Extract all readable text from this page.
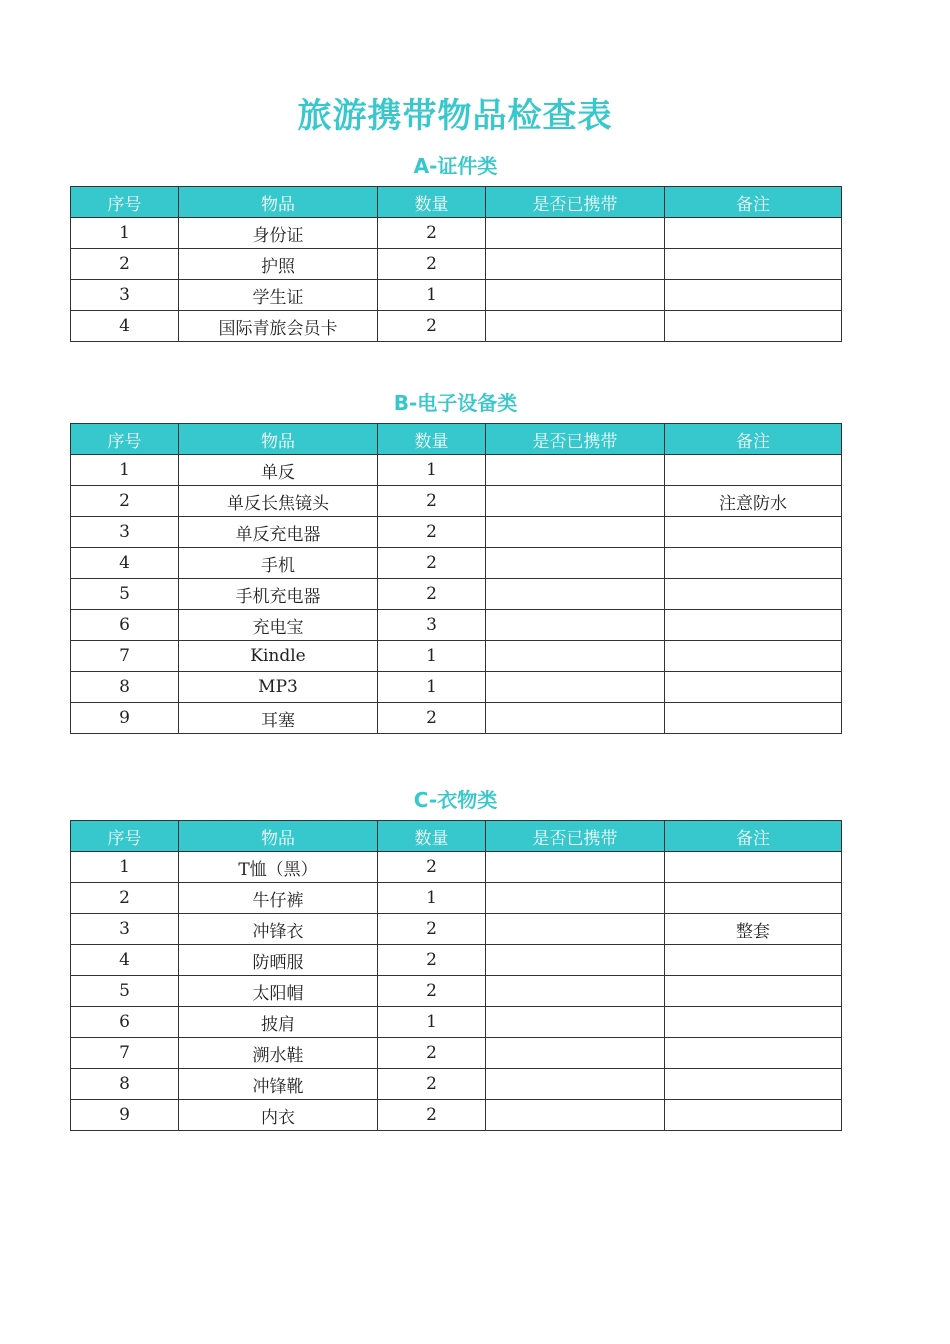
旅游携带物品检查表
A-证件类
序号	物品	数量	是否已携带	备注
1	身份证	2		
2	护照	2		
3	学生证	1		
4	国际青旅会员卡	2		
B-电子设备类
序号	物品	数量	是否已携带	备注
1	单反	1		
2	单反长焦镜头	2		注意防水
3	单反充电器	2		
4	手机	2		
5	手机充电器	2		
6	充电宝	3		
7	Kindle	1		
8	MP3	1		
9	耳塞	2		
C-衣物类
序号	物品	数量	是否已携带	备注
1	T恤（黑）	2		
2	牛仔裤	1		
3	冲锋衣	2		整套
4	防晒服	2		
5	太阳帽	2		
6	披肩	1		
7	溯水鞋	2		
8	冲锋靴	2		
9	内衣	2		
